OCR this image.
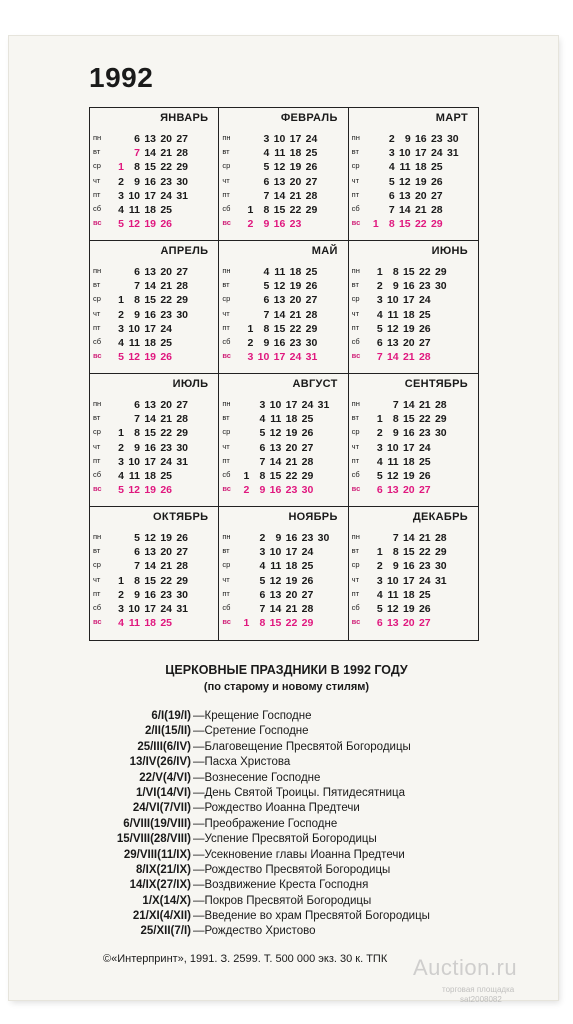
1992
ЯНВАРЬ
пн
вт
ср
чт
пт
сб
вс
6 13 20 27
7 14 21 28
1 8 15 22 29
2 9 16 23 30
3 10 17 24 31
4 11 18 25
5 12 19 26
ФЕВРАЛЬ
пн
вт
ср
чт
пт
сб
вс
3 10 17 24
4 11 18 25
5 12 19 26
6 13 20 27
7 14 21 28
1 8 15 22 29
2 9 16 23
МАРТ
пн
вт
ср
чт
пт
сб
вс
2 9 16 23 30
3 10 17 24 31
4 11 18 25
5 12 19 26
6 13 20 27
7 14 21 28
1 8 15 22 29
АПРЕЛЬ
пн
вт
ср
чт
пт
сб
вс
6 13 20 27
7 14 21 28
1 8 15 22 29
2 9 16 23 30
3 10 17 24
4 11 18 25
5 12 19 26
МАЙ
пн
вт
ср
чт
пт
сб
вс
4 11 18 25
5 12 19 26
6 13 20 27
7 14 21 28
1 8 15 22 29
2 9 16 23 30
3 10 17 24 31
ИЮНЬ
пн
вт
ср
чт
пт
сб
вс
1 8 15 22 29
2 9 16 23 30
3 10 17 24
4 11 18 25
5 12 19 26
6 13 20 27
7 14 21 28
ИЮЛЬ
пн
вт
ср
чт
пт
сб
вс
6 13 20 27
7 14 21 28
1 8 15 22 29
2 9 16 23 30
3 10 17 24 31
4 11 18 25
5 12 19 26
АВГУСТ
пн
вт
ср
чт
пт
сб
вс
3 10 17 24 31
4 11 18 25
5 12 19 26
6 13 20 27
7 14 21 28
1 8 15 22 29
2 9 16 23 30
СЕНТЯБРЬ
пн
вт
ср
чт
пт
сб
вс
7 14 21 28
1 8 15 22 29
2 9 16 23 30
3 10 17 24
4 11 18 25
5 12 19 26
6 13 20 27
ОКТЯБРЬ
пн
вт
ср
чт
пт
сб
вс
5 12 19 26
6 13 20 27
7 14 21 28
1 8 15 22 29
2 9 16 23 30
3 10 17 24 31
4 11 18 25
НОЯБРЬ
пн
вт
ср
чт
пт
сб
вс
2 9 16 23 30
3 10 17 24
4 11 18 25
5 12 19 26
6 13 20 27
7 14 21 28
1 8 15 22 29
ДЕКАБРЬ
пн
вт
ср
чт
пт
сб
вс
7 14 21 28
1 8 15 22 29
2 9 16 23 30
3 10 17 24 31
4 11 18 25
5 12 19 26
6 13 20 27
ЦЕРКОВНЫЕ ПРАЗДНИКИ В 1992 ГОДУ
(по старому и новому стилям)
6/I(19/I) —Крещение Господне
2/II(15/II) —Сретение Господне
25/III(6/IV) —Благовещение Пресвятой Богородицы
13/IV(26/IV) —Пасха Христова
22/V(4/VI) —Вознесение Господне
1/VI(14/VI) —День Святой Троицы. Пятидесятница
24/VI(7/VII) —Рождество Иоанна Предтечи
6/VIII(19/VIII) —Преображение Господне
15/VIII(28/VIII) —Успение Пресвятой Богородицы
29/VIII(11/IX) —Усекновение главы Иоанна Предтечи
8/IX(21/IX) —Рождество Пресвятой Богородицы
14/IX(27/IX) —Воздвижение Креста Господня
1/X(14/X) —Покров Пресвятой Богородицы
21/XI(4/XII) —Введение во храм Пресвятой Богородицы
25/XII(7/I) —Рождество Христово
©«Интерпринт», 1991. З. 2599. Т. 500 000 экз. 30 к. ТПК Auction.ru
торговая площадка
sat2008082
